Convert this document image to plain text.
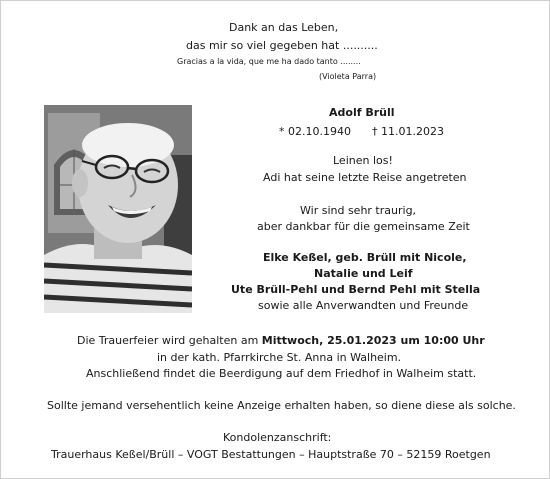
Dank an das Leben,
das mir so viel gegeben hat ..........
Gracias a la vida, que me ha dado tanto ........
(Violeta Parra)
Adolf Brüll
* 02.10.1940 † 11.01.2023
Leinen los!
Adi hat seine letzte Reise angetreten
Wir sind sehr traurig,
aber dankbar für die gemeinsame Zeit
Elke Keßel, geb. Brüll mit Nicole,
Natalie und Leif
Ute Brüll-Pehl und Bernd Pehl mit Stella
sowie alle Anverwandten und Freunde
Die Trauerfeier wird gehalten am Mittwoch, 25.01.2023 um 10:00 Uhr
in der kath. Pfarrkirche St. Anna in Walheim.
Anschließend findet die Beerdigung auf dem Friedhof in Walheim statt.
Sollte jemand versehentlich keine Anzeige erhalten haben, so diene diese als solche.
Kondolenzanschrift:
Trauerhaus Keßel/Brüll – VOGT Bestattungen – Hauptstraße 70 – 52159 Roetgen
